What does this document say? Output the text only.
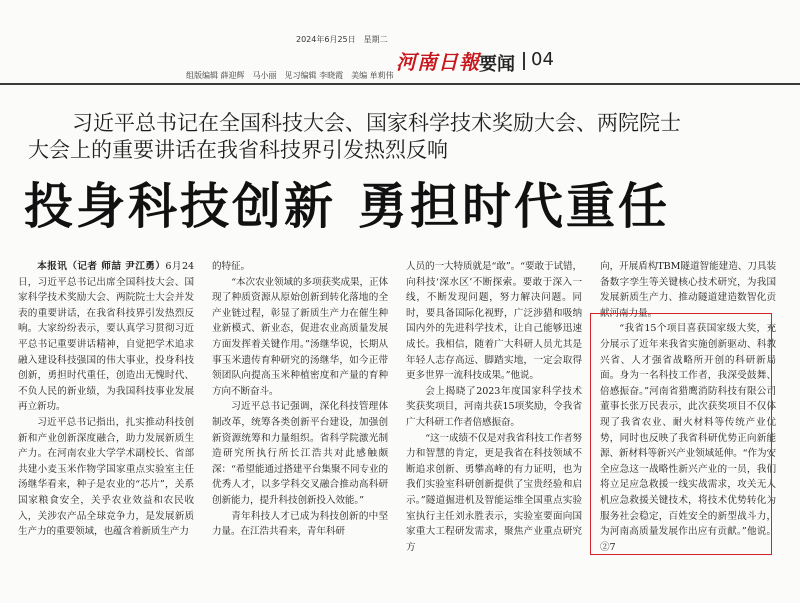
2024年6月25日　星期二
组版编辑 薛迎辉　马小丽　见习编辑 李晓霞　美编 单莉伟
河南日報 要闻 04
习近平总书记在全国科技大会、国家科学技术奖励大会、两院院士
大会上的重要讲话在我省科技界引发热烈反响
投身科技创新 勇担时代重任

本报讯（记者 师喆 尹江勇）6月24日，习近平总书记出席全国科技大会、国家科学技术奖励大会、两院院士大会并发表的重要讲话，在我省科技界引发热烈反响。大家纷纷表示，要认真学习贯彻习近平总书记重要讲话精神，自觉把学术追求融入建设科技强国的伟大事业，投身科技创新，勇担时代重任，创造出无愧时代、不负人民的新业绩，为我国科技事业发展再立新功。

习近平总书记指出，扎实推动科技创新和产业创新深度融合，助力发展新质生产力。在河南农业大学学术副校长、省部共建小麦玉米作物学国家重点实验室主任汤继华看来，种子是农业的“芯片”，关系国家粮食安全，关乎农业效益和农民收入，关涉农产品全球竞争力，是发展新质生产力的重要领域，也蕴含着新质生产力

的特征。

“本次农业领域的多项获奖成果，正体现了种质资源从原始创新到转化落地的全产业链过程，彰显了新质生产力在催生种业新模式、新业态，促进农业高质量发展方面发挥着关键作用。”汤继华说，长期从事玉米遗传育种研究的汤继华，如今正带领团队向提高玉米种植密度和产量的育种方向不断奋斗。

习近平总书记强调，深化科技管理体制改革，统筹各类创新平台建设，加强创新资源统筹和力量组织。省科学院激光制造研究所执行所长江浩共对此感触颇深：“希望能通过搭建平台集聚不同专业的优秀人才，以多学科交叉融合推动高科研创新能力，提升科技创新投入效能。”

青年科技人才已成为科技创新的中坚力量。在江浩共看来，青年科研

人员的一大特质就是“敢”。“要敢于试错，向科技‘深水区’不断探索。要敢于深入一线，不断发现问题，努力解决问题。同时，要具备国际化视野，广泛涉猎和吸纳国内外的先进科学技术，让自己能够迅速成长。我相信，随着广大科研人员尤其是年轻人志存高远、脚踏实地，一定会取得更多世界一流科技成果。”他说。

会上揭晓了2023年度国家科学技术奖获奖项目，河南共获15项奖励，令我省广大科研工作者倍感振奋。

“这一成绩不仅是对我省科技工作者努力和智慧的肯定，更是我省在科技领域不断追求创新、勇攀高峰的有力证明，也为我们实验室科研创新提供了宝贵经验和启示。”隧道掘进机及智能运维全国重点实验室执行主任刘永胜表示，实验室要面向国家重大工程研发需求，聚焦产业重点研究方

向，开展盾构TBM隧道智能建造、刀具装备数字孪生等关键核心技术研究，为我国发展新质生产力、推动隧道建造数智化贡献河南力量。

“我省15个项目喜获国家级大奖，充分展示了近年来我省实施创新驱动、科教兴省、人才强省战略所开创的科研新局面。身为一名科技工作者，我深受鼓舞、倍感振奋。”河南省猎鹰消防科技有限公司董事长张万民表示，此次获奖项目不仅体现了我省农业、耐火材料等传统产业优势，同时也反映了我省科研优势正向新能源、新材料等新兴产业领域延伸。“作为安全应急这一战略性新兴产业的一员，我们将立足应急救援一线实战需求，攻关无人机应急救援关键技术，将技术优势转化为服务社会稳定，百姓安全的新型战斗力，为河南高质量发展作出应有贡献。”他说。②7
